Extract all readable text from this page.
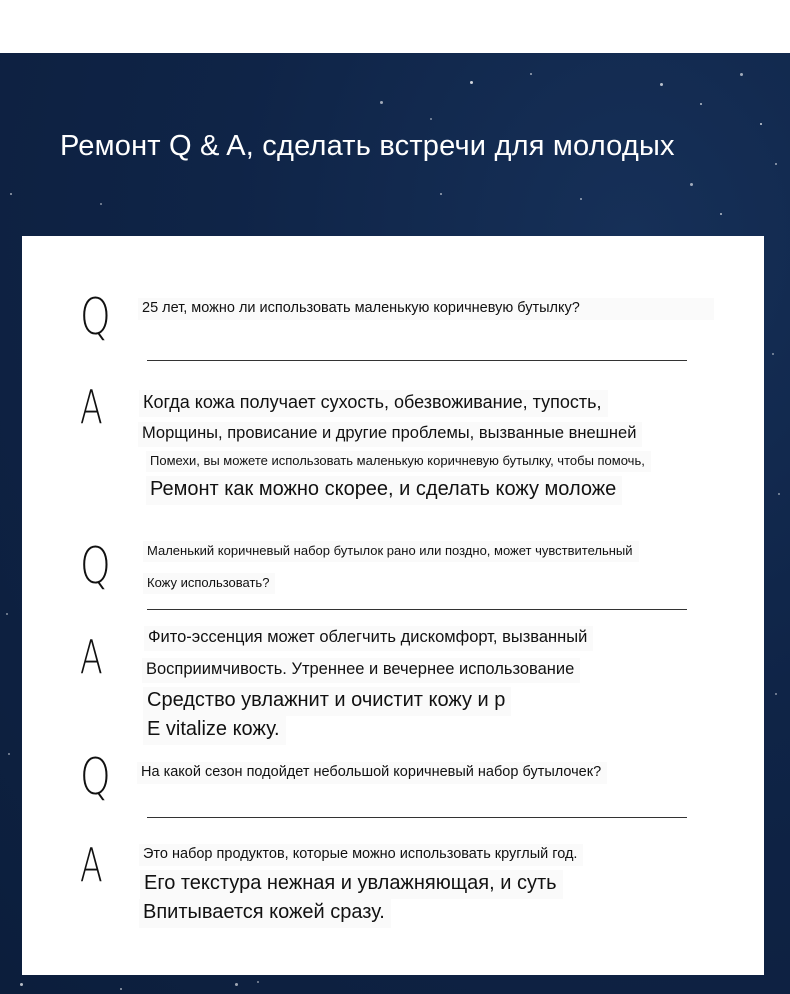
Ремонт Q & A, сделать встречи для молодых
Q 25 лет, можно ли использовать маленькую коричневую бутылку?
A Когда кожа получает сухость, обезвоживание, тупость,
Морщины, провисание и другие проблемы, вызванные внешней
Помехи, вы можете использовать маленькую коричневую бутылку, чтобы помочь,
Ремонт как можно скорее, и сделать кожу моложе
Q	Маленький коричневый набор бутылок рано или поздно, может чувствительный
Кожу использовать?
A	Фито-эссенция может облегчить дискомфорт, вызванный
Восприимчивость. Утреннее и вечернее использование
Средство увлажнит и очистит кожу и р
E vitalize кожу.
Q На какой сезон подойдет небольшой коричневый набор бутылочек?
A	Это набор продуктов, которые можно использовать круглый год.
Его текстура нежная и увлажняющая, и суть
Впитывается кожей сразу.
